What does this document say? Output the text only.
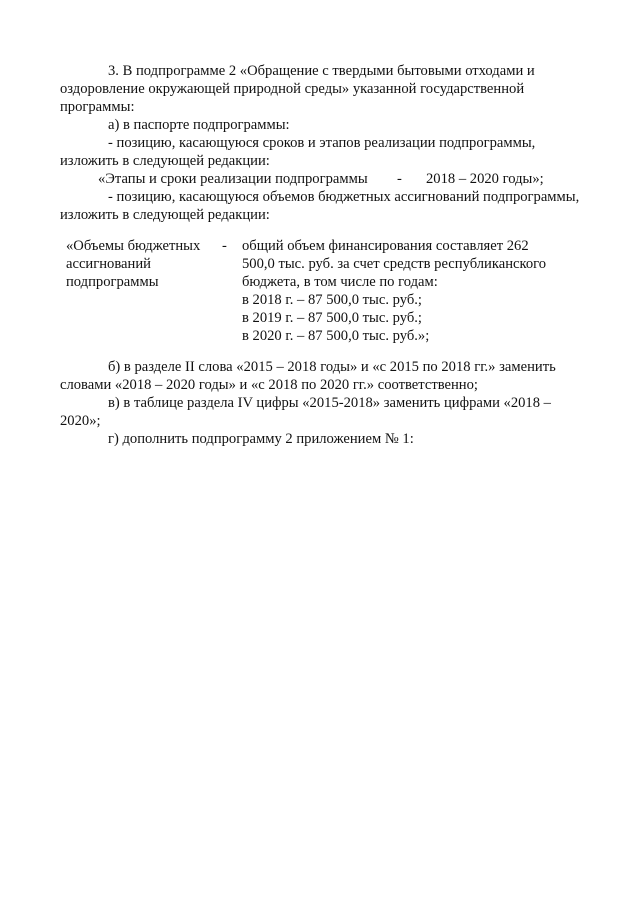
3. В подпрограмме 2 «Обращение с твердыми бытовыми отходами и
оздоровление окружающей природной среды» указанной государственной
программы:
а) в паспорте подпрограммы:
- позицию, касающуюся сроков и этапов реализации подпрограммы,
изложить в следующей редакции:
«Этапы и сроки реализации подпрограммы - 2018 – 2020 годы»;
- позицию, касающуюся объемов бюджетных ассигнований подпрограммы,
изложить в следующей редакции:
«Объемы бюджетных
ассигнований
подпрограммы
- общий объем финансирования составляет 262
500,0 тыс. руб. за счет средств республиканского
бюджета, в том числе по годам:
в 2018 г. – 87 500,0 тыс. руб.;
в 2019 г. – 87 500,0 тыс. руб.;
в 2020 г. – 87 500,0 тыс. руб.»;
б) в разделе II слова «2015 – 2018 годы» и «с 2015 по 2018 гг.» заменить
словами «2018 – 2020 годы» и «с 2018 по 2020 гг.» соответственно;
в) в таблице раздела IV цифры «2015-2018» заменить цифрами «2018 –
2020»;
г) дополнить подпрограмму 2 приложением № 1:
